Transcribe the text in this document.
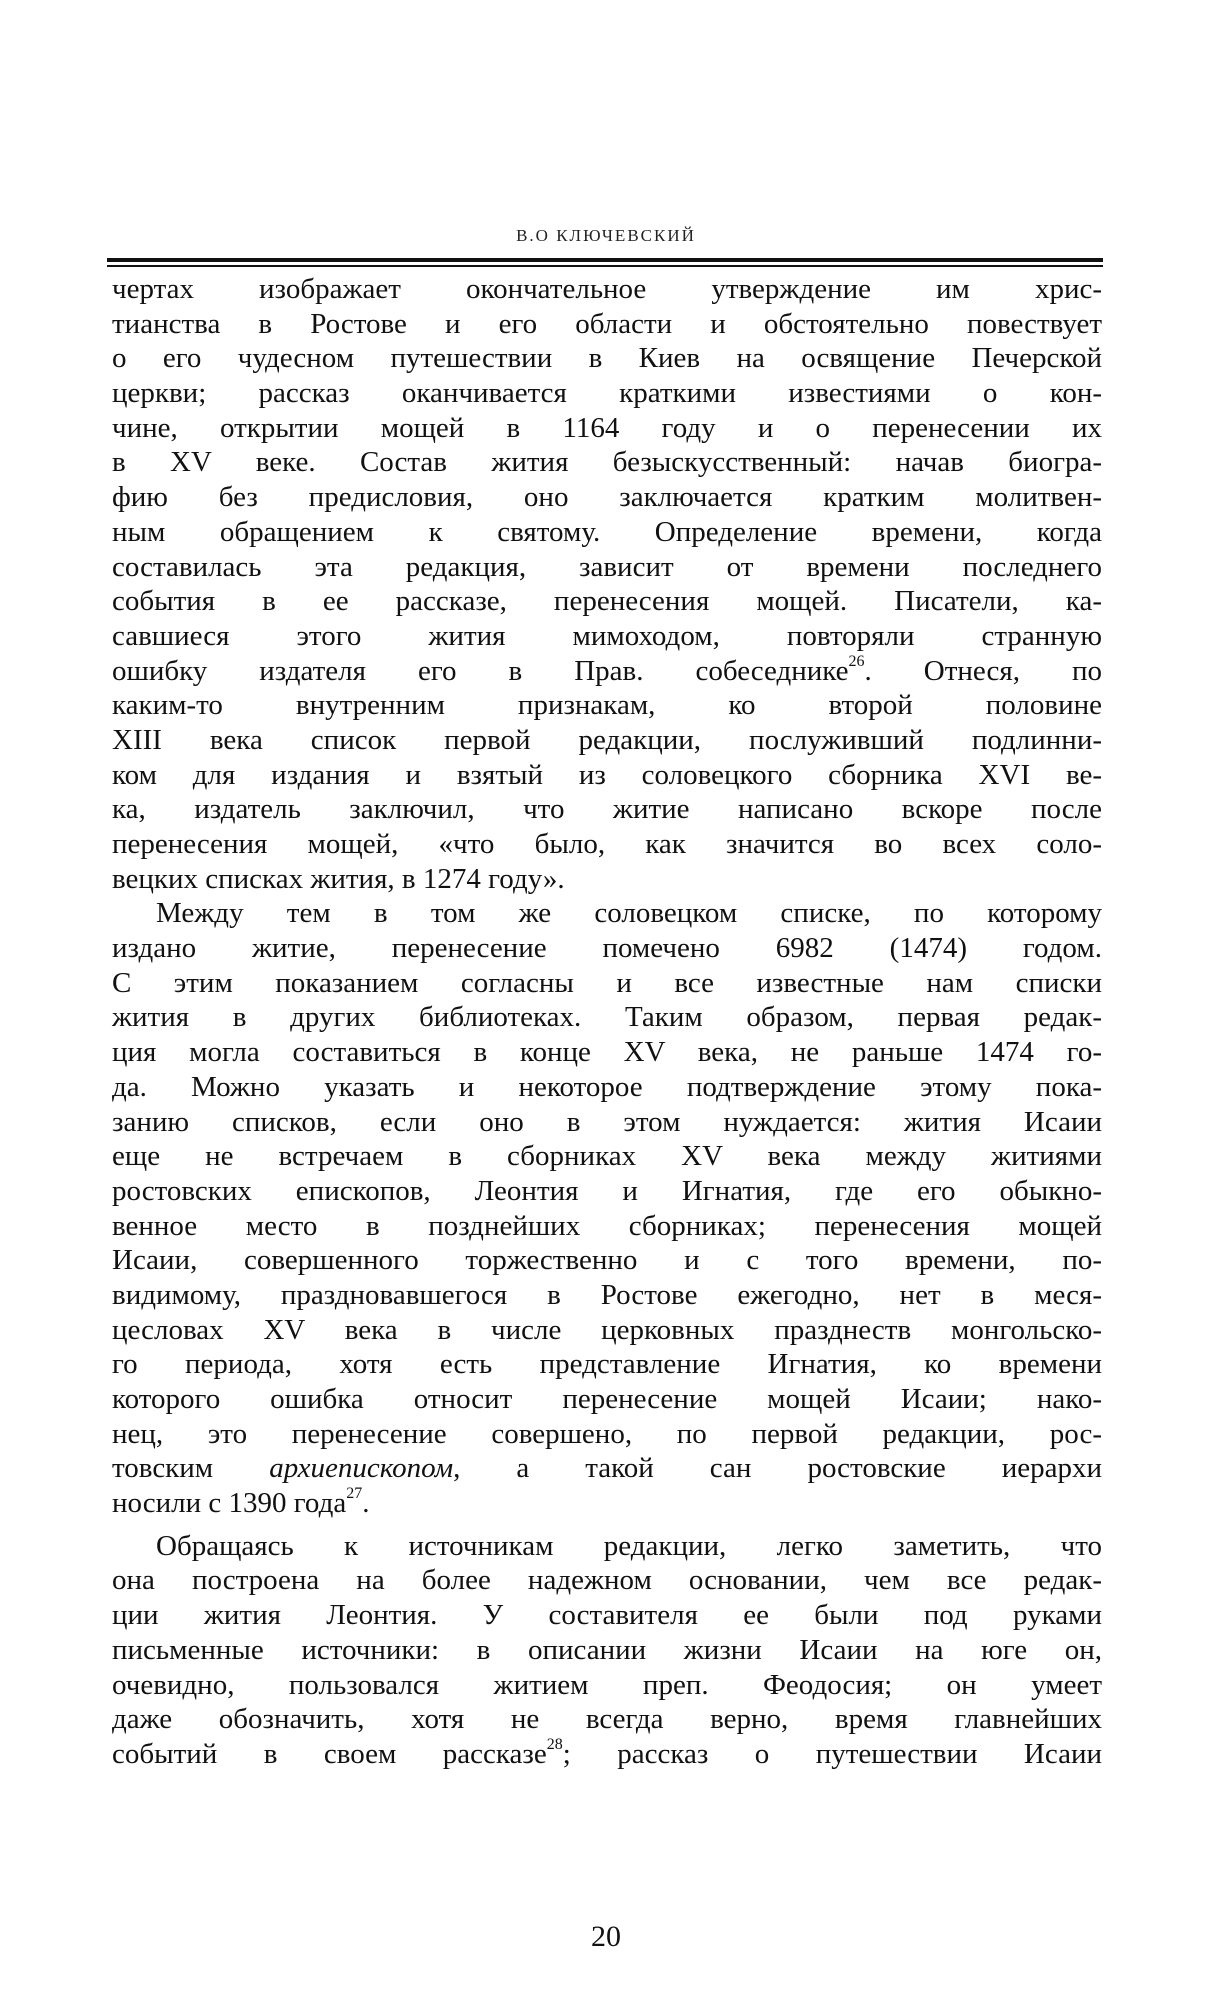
В.О КЛЮЧЕВСКИЙ
чертах изображает окончательное утверждение им хрис-
тианства в Ростове и его области и обстоятельно повествует
о его чудесном путешествии в Киев на освящение Печерской
церкви; рассказ оканчивается краткими известиями о кон-
чине, открытии мощей в 1164 году и о перенесении их
в XV веке. Состав жития безыскусственный: начав биогра-
фию без предисловия, оно заключается кратким молитвен-
ным обращением к святому. Определение времени, когда
составилась эта редакция, зависит от времени последнего
события в ее рассказе, перенесения мощей. Писатели, ка-
савшиеся этого жития мимоходом, повторяли странную
ошибку издателя его в Прав. собеседнике$^{26}$. Отнеся, по
каким-то внутренним признакам, ко второй половине
XIII века список первой редакции, послуживший подлинни-
ком для издания и взятый из соловецкого сборника XVI ве-
ка, издатель заключил, что житие написано вскоре после
перенесения мощей, «что было, как значится во всех соло-
вецких списках жития, в 1274 году».
Между тем в том же соловецком списке, по которому
издано житие, перенесение помечено 6982 (1474) годом.
С этим показанием согласны и все известные нам списки
жития в других библиотеках. Таким образом, первая редак-
ция могла составиться в конце XV века, не раньше 1474 го-
да. Можно указать и некоторое подтверждение этому пока-
занию списков, если оно в этом нуждается: жития Исаии
еще не встречаем в сборниках XV века между житиями
ростовских епископов, Леонтия и Игнатия, где его обыкно-
венное место в позднейших сборниках; перенесения мощей
Исаии, совершенного торжественно и с того времени, по-
видимому, праздновавшегося в Ростове ежегодно, нет в меся-
цесловах XV века в числе церковных празднеств монгольско-
го периода, хотя есть представление Игнатия, ко времени
которого ошибка относит перенесение мощей Исаии; нако-
нец, это перенесение совершено, по первой редакции, рос-
товским архиепископом, а такой сан ростовские иерархи
носили с 1390 года$^{27}$.
Обращаясь к источникам редакции, легко заметить, что
она построена на более надежном основании, чем все редак-
ции жития Леонтия. У составителя ее были под руками
письменные источники: в описании жизни Исаии на юге он,
очевидно, пользовался житием преп. Феодосия; он умеет
даже обозначить, хотя не всегда верно, время главнейших
событий в своем рассказе$^{28}$; рассказ о путешествии Исаии
20
